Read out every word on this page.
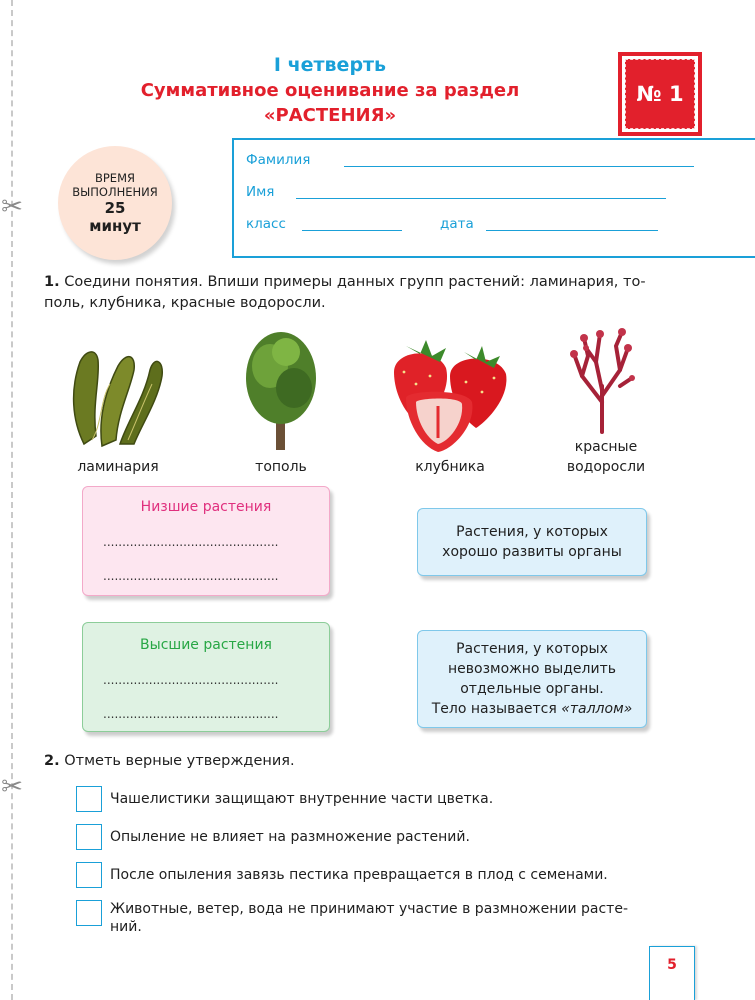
✂
✂
I четверть
Суммативное оценивание за раздел
«РАСТЕНИЯ»
№ 1
ВРЕМЯ
ВЫПОЛНЕНИЯ
25
минут
Фамилия
Имя
класс	дата
1. Соедини понятия. Впиши примеры данных групп растений: ламинария, то-
поль, клубника, красные водоросли.
ламинария	тополь	клубника
красные
водоросли
Низшие растения
..............................................
..............................................
Высшие растения
..............................................
..............................................
Растения, у которых
хорошо развиты органы
Растения, у которых
невозможно выделить
отдельные органы.
Тело называется «таллом»
2. Отметь верные утверждения.
Чашелистики защищают внутренние части цветка.
Опыление не влияет на размножение растений.
После опыления завязь пестика превращается в плод с семенами.
Животные, ветер, вода не принимают участие в размножении расте-
ний.
5
